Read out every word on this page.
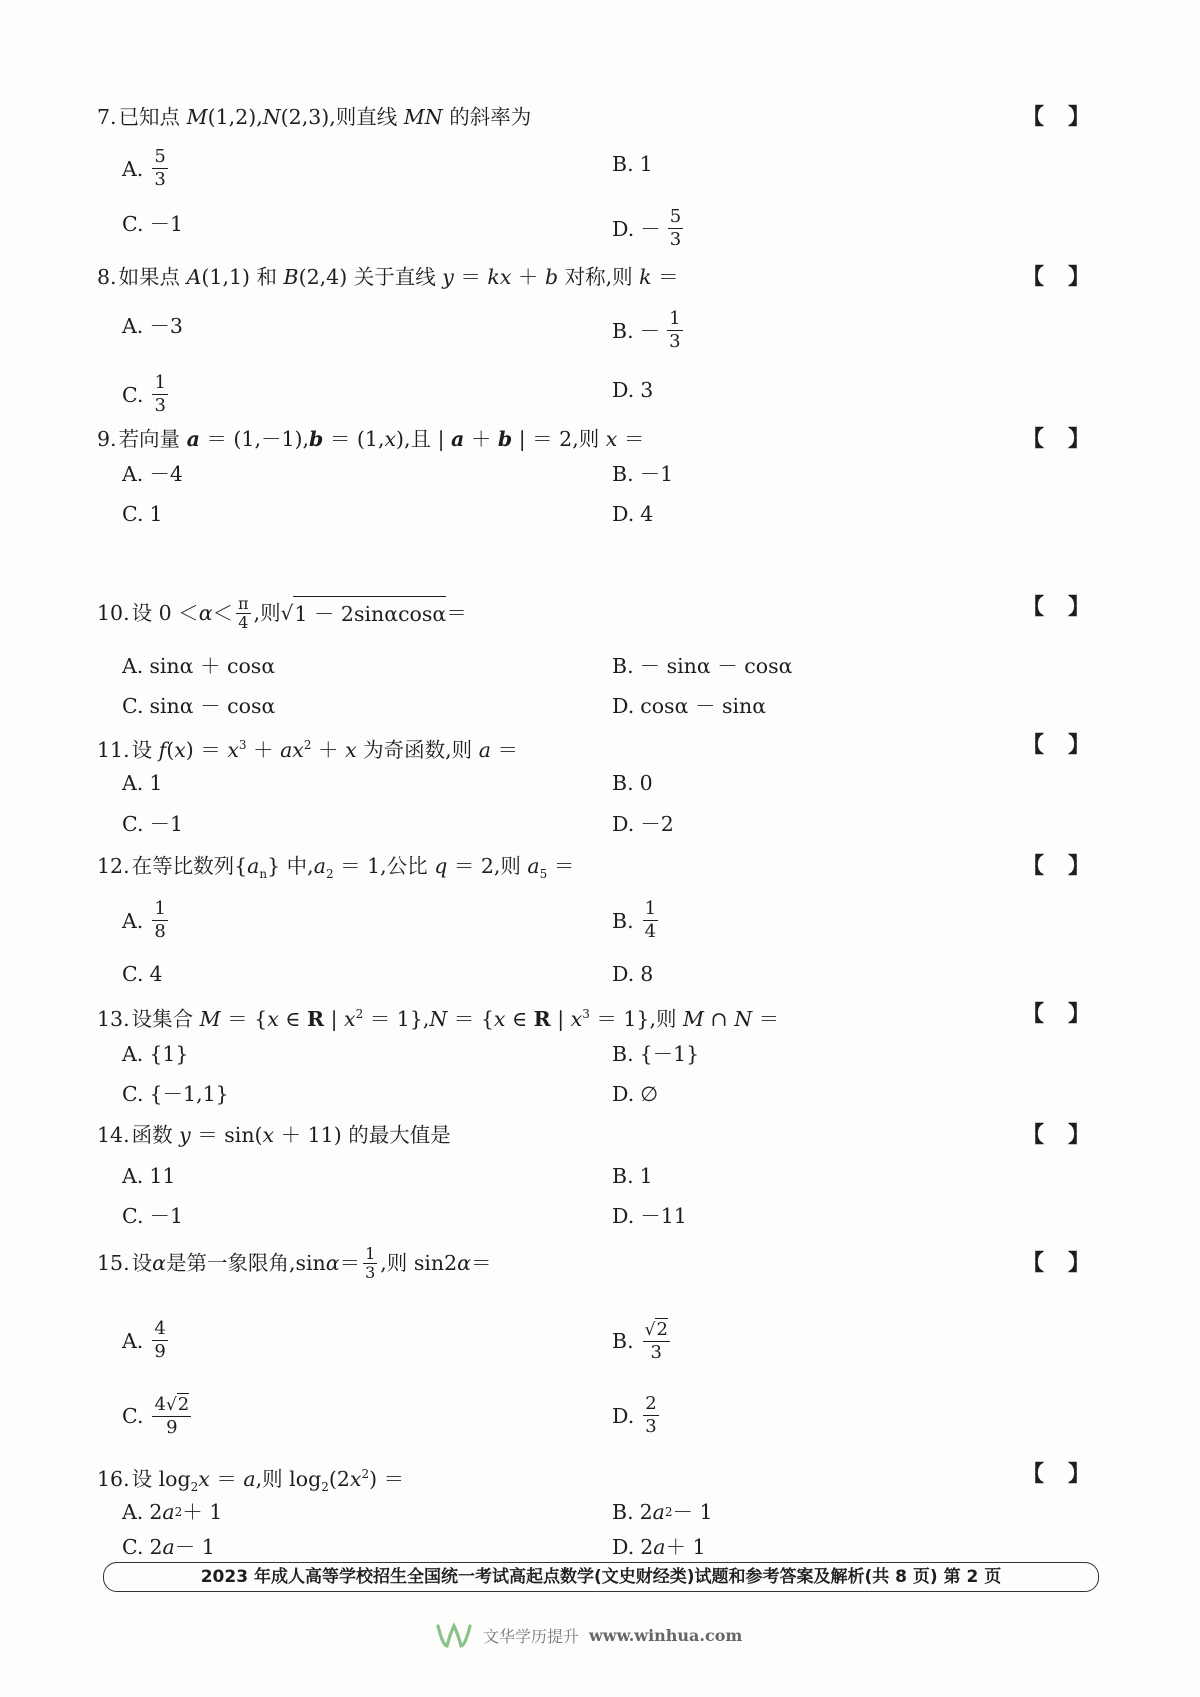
7.已知点 M(1,2),N(2,3),则直线 MN 的斜率为	【】
A. $\frac{5}{3}$	B. 1
C. －1	D. － $\frac{5}{3}$
8.如果点 A(1,1) 和 B(2,4) 关于直线 y ＝ kx ＋ b 对称,则 k ＝	【】
A. －3	B. － $\frac{1}{3}$
C. $\frac{1}{3}$	D. 3
9.若向量 a ＝ (1,－1),b ＝ (1,x),且 | a ＋ b | ＝ 2,则 x ＝	【】
A. －4	B. －1
C. 1	D. 4
10. 设 $0 < \alpha < \frac{\pi}{4}$ ,则 √ 1 － 2sinαcosα ＝	【】
A. sinα ＋ cosα	B. － sinα － cosα
C. sinα － cosα	D. cosα － sinα
11.设 $f(x) = x^3 + ax^2 + x$ 为奇函数,则 a ＝	【】
A. 1	B. 0
C. －1	D. －2
12.在等比数列$\{a_n\}$ 中$,a_2 = 1$,公比 q ＝ 2,则 $a_5$ ＝	【】
A. $\frac{1}{8}$	B. $\frac{1}{4}$
C. 4	D. 8
13.设集合 M ＝ {x ∈ R | $x^2 = 1\},N = \{x$ ∈ R | $x^3 = 1$},则 M ∩ N ＝	【】
A. {1}	B. {－1}
C. {－1,1}	D. ∅
14.函数 y ＝ sin(x ＋ 11) 的最大值是	【】
A. 11	B. 1
C. －1	D. －11
15. 设 α 是第一象限角,sin $\alpha = \frac{1}{3}$ ,则 sin2 α ＝	【】
A. $\frac{4}{9}$	B. $\frac{√2}{3}$
C. $\frac{4√2}{9}$	D. $\frac{2}{3}$
16.设 $\log_2x = a$,则 $\log_2(2x^2)$ ＝	【】
A. 2 a 2 ＋ 1	B. 2 a 2 － 1
C. 2 a － 1	D. 2 a ＋ 1
2023 年成人高等学校招生全国统一考试高起点数学(文史财经类)试题和参考答案及解析(共 8 页) 第 2 页
文华学历提升 www.winhua.com
